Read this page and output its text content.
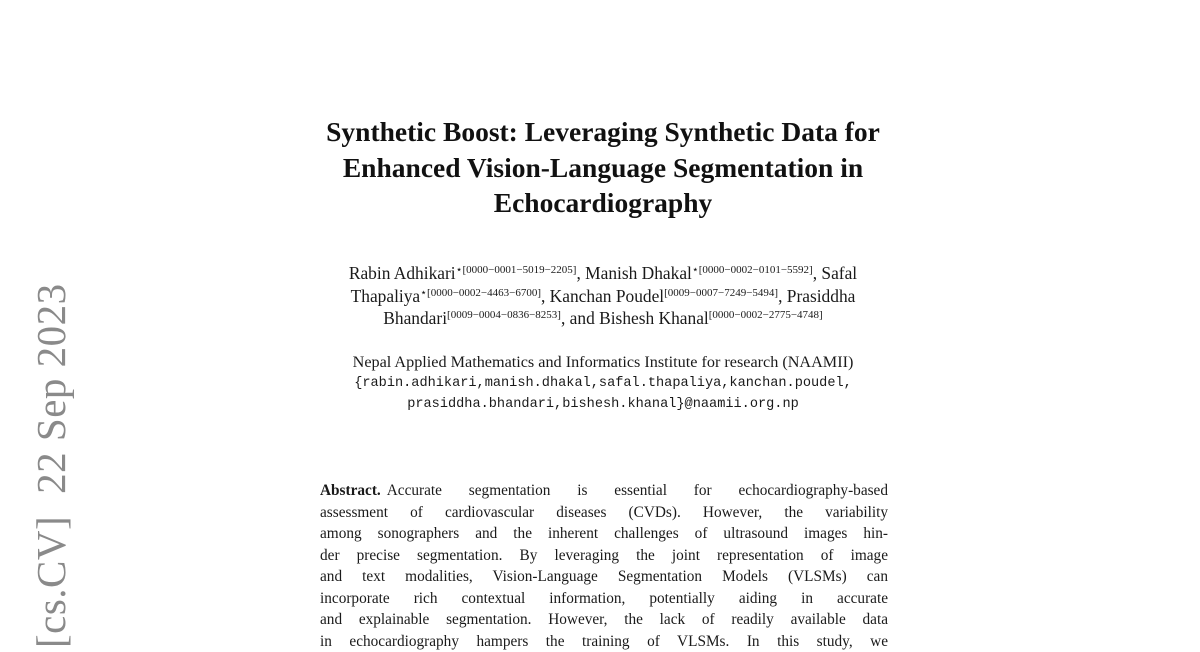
[cs.CV]22 Sep 2023
Synthetic Boost: Leveraging Synthetic Data for
Enhanced Vision-Language Segmentation in
Echocardiography
Rabin Adhikari$^{⋆[0000-0001-5019-2205]}$, Manish Dhakal$^{⋆[0000-0002-0101-5592]}$, Safal
Thapaliya$^{⋆[0000-0002-4463-6700]}$, Kanchan Poudel[0009−0007−7249−5494], Prasiddha
Bhandari[0009−0004−0836−8253], and Bishesh Khanal[0000−0002−2775−4748]
Nepal Applied Mathematics and Informatics Institute for research (NAAMII)
{rabin.adhikari,manish.dhakal,safal.thapaliya,kanchan.poudel,
prasiddha.bhandari,bishesh.khanal}@naamii.org.np
Abstract. Accurate segmentation is essential for echocardiography-based
assessment of cardiovascular diseases (CVDs). However, the variability
among sonographers and the inherent challenges of ultrasound images hin-
der precise segmentation. By leveraging the joint representation of image
and text modalities, Vision-Language Segmentation Models (VLSMs) can
incorporate rich contextual information, potentially aiding in accurate
and explainable segmentation. However, the lack of readily available data
in echocardiography hampers the training of VLSMs. In this study, we
